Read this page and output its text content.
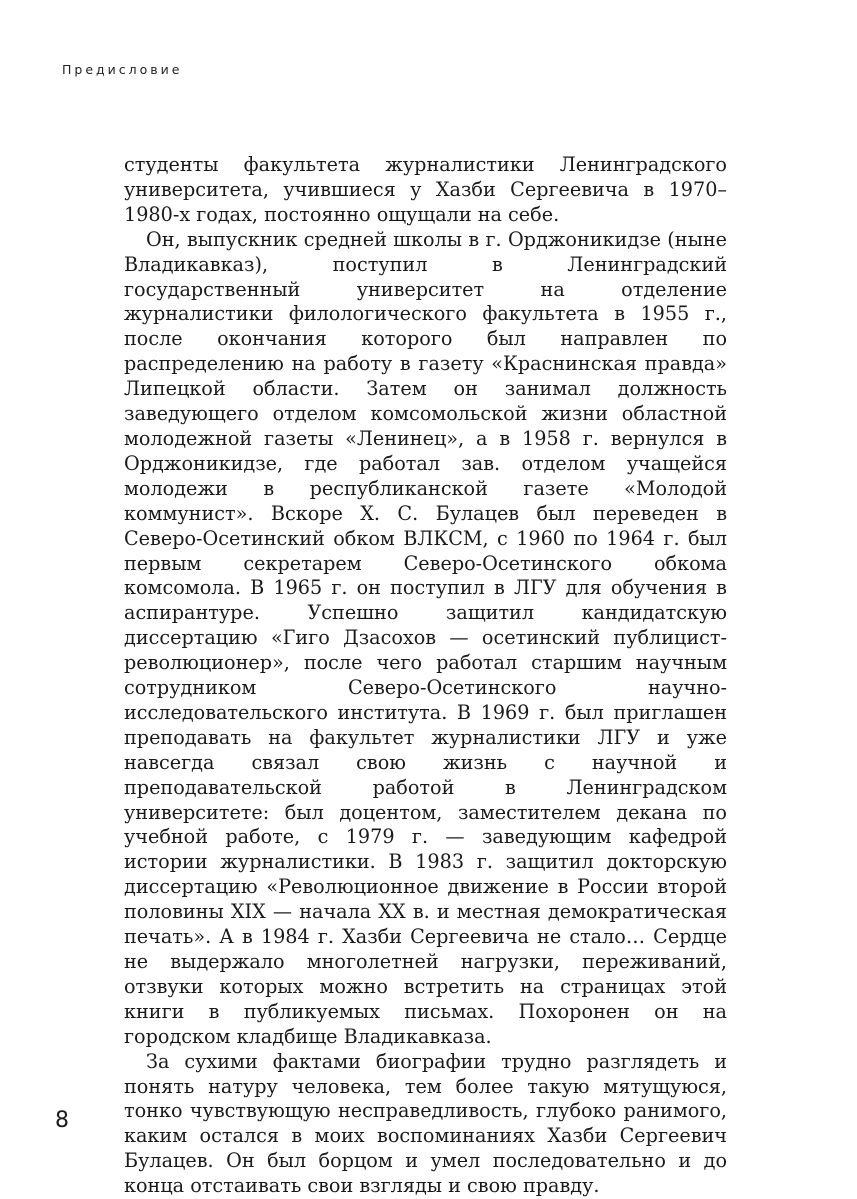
Предисловие

студенты факультета журналистики Ленинградского университета, учившиеся у Хазби Сергеевича в 1970–1980-х годах, постоянно ощущали на себе.

Он, выпускник средней школы в г. Орджоникидзе (ныне Владикавказ), поступил в Ленинградский государственный университет на отделение журналистики филологического факультета в 1955 г., после окончания которого был направлен по распределению на работу в газету «Краснинская правда» Липецкой области. Затем он занимал должность заведующего отделом комсомольской жизни областной молодежной газеты «Ленинец», а в 1958 г. вернулся в Орджоникидзе, где работал зав. отделом учащейся молодежи в республиканской газете «Молодой коммунист». Вскоре Х. С. Булацев был переведен в Северо-Осетинский обком ВЛКСМ, с 1960 по 1964 г. был первым секретарем Северо-Осетинского обкома комсомола. В 1965 г. он поступил в ЛГУ для обучения в аспирантуре. Успешно защитил кандидатскую диссертацию «Гиго Дзасохов — осетинский публицист-революционер», после чего работал старшим научным сотрудником Северо-Осетинского научно-исследовательского института. В 1969 г. был приглашен преподавать на факультет журналистики ЛГУ и уже навсегда связал свою жизнь с научной и преподавательской работой в Ленинградском университете: был доцентом, заместителем декана по учебной работе, с 1979 г. — заведующим кафедрой истории журналистики. В 1983 г. защитил докторскую диссертацию «Революционное движение в России второй половины XIX — начала XX в. и местная демократическая печать». А в 1984 г. Хазби Сергеевича не стало… Сердце не выдержало многолетней нагрузки, переживаний, отзвуки которых можно встретить на страницах этой книги в публикуемых письмах. Похоронен он на городском кладбище Владикавказа.

За сухими фактами биографии трудно разглядеть и понять натуру человека, тем более такую мятущуюся, тонко чувствующую несправедливость, глубоко ранимого, каким остался в моих воспоминаниях Хазби Сергеевич Булацев. Он был борцом и умел последовательно и до конца отстаивать свои взгляды и свою правду.

8
